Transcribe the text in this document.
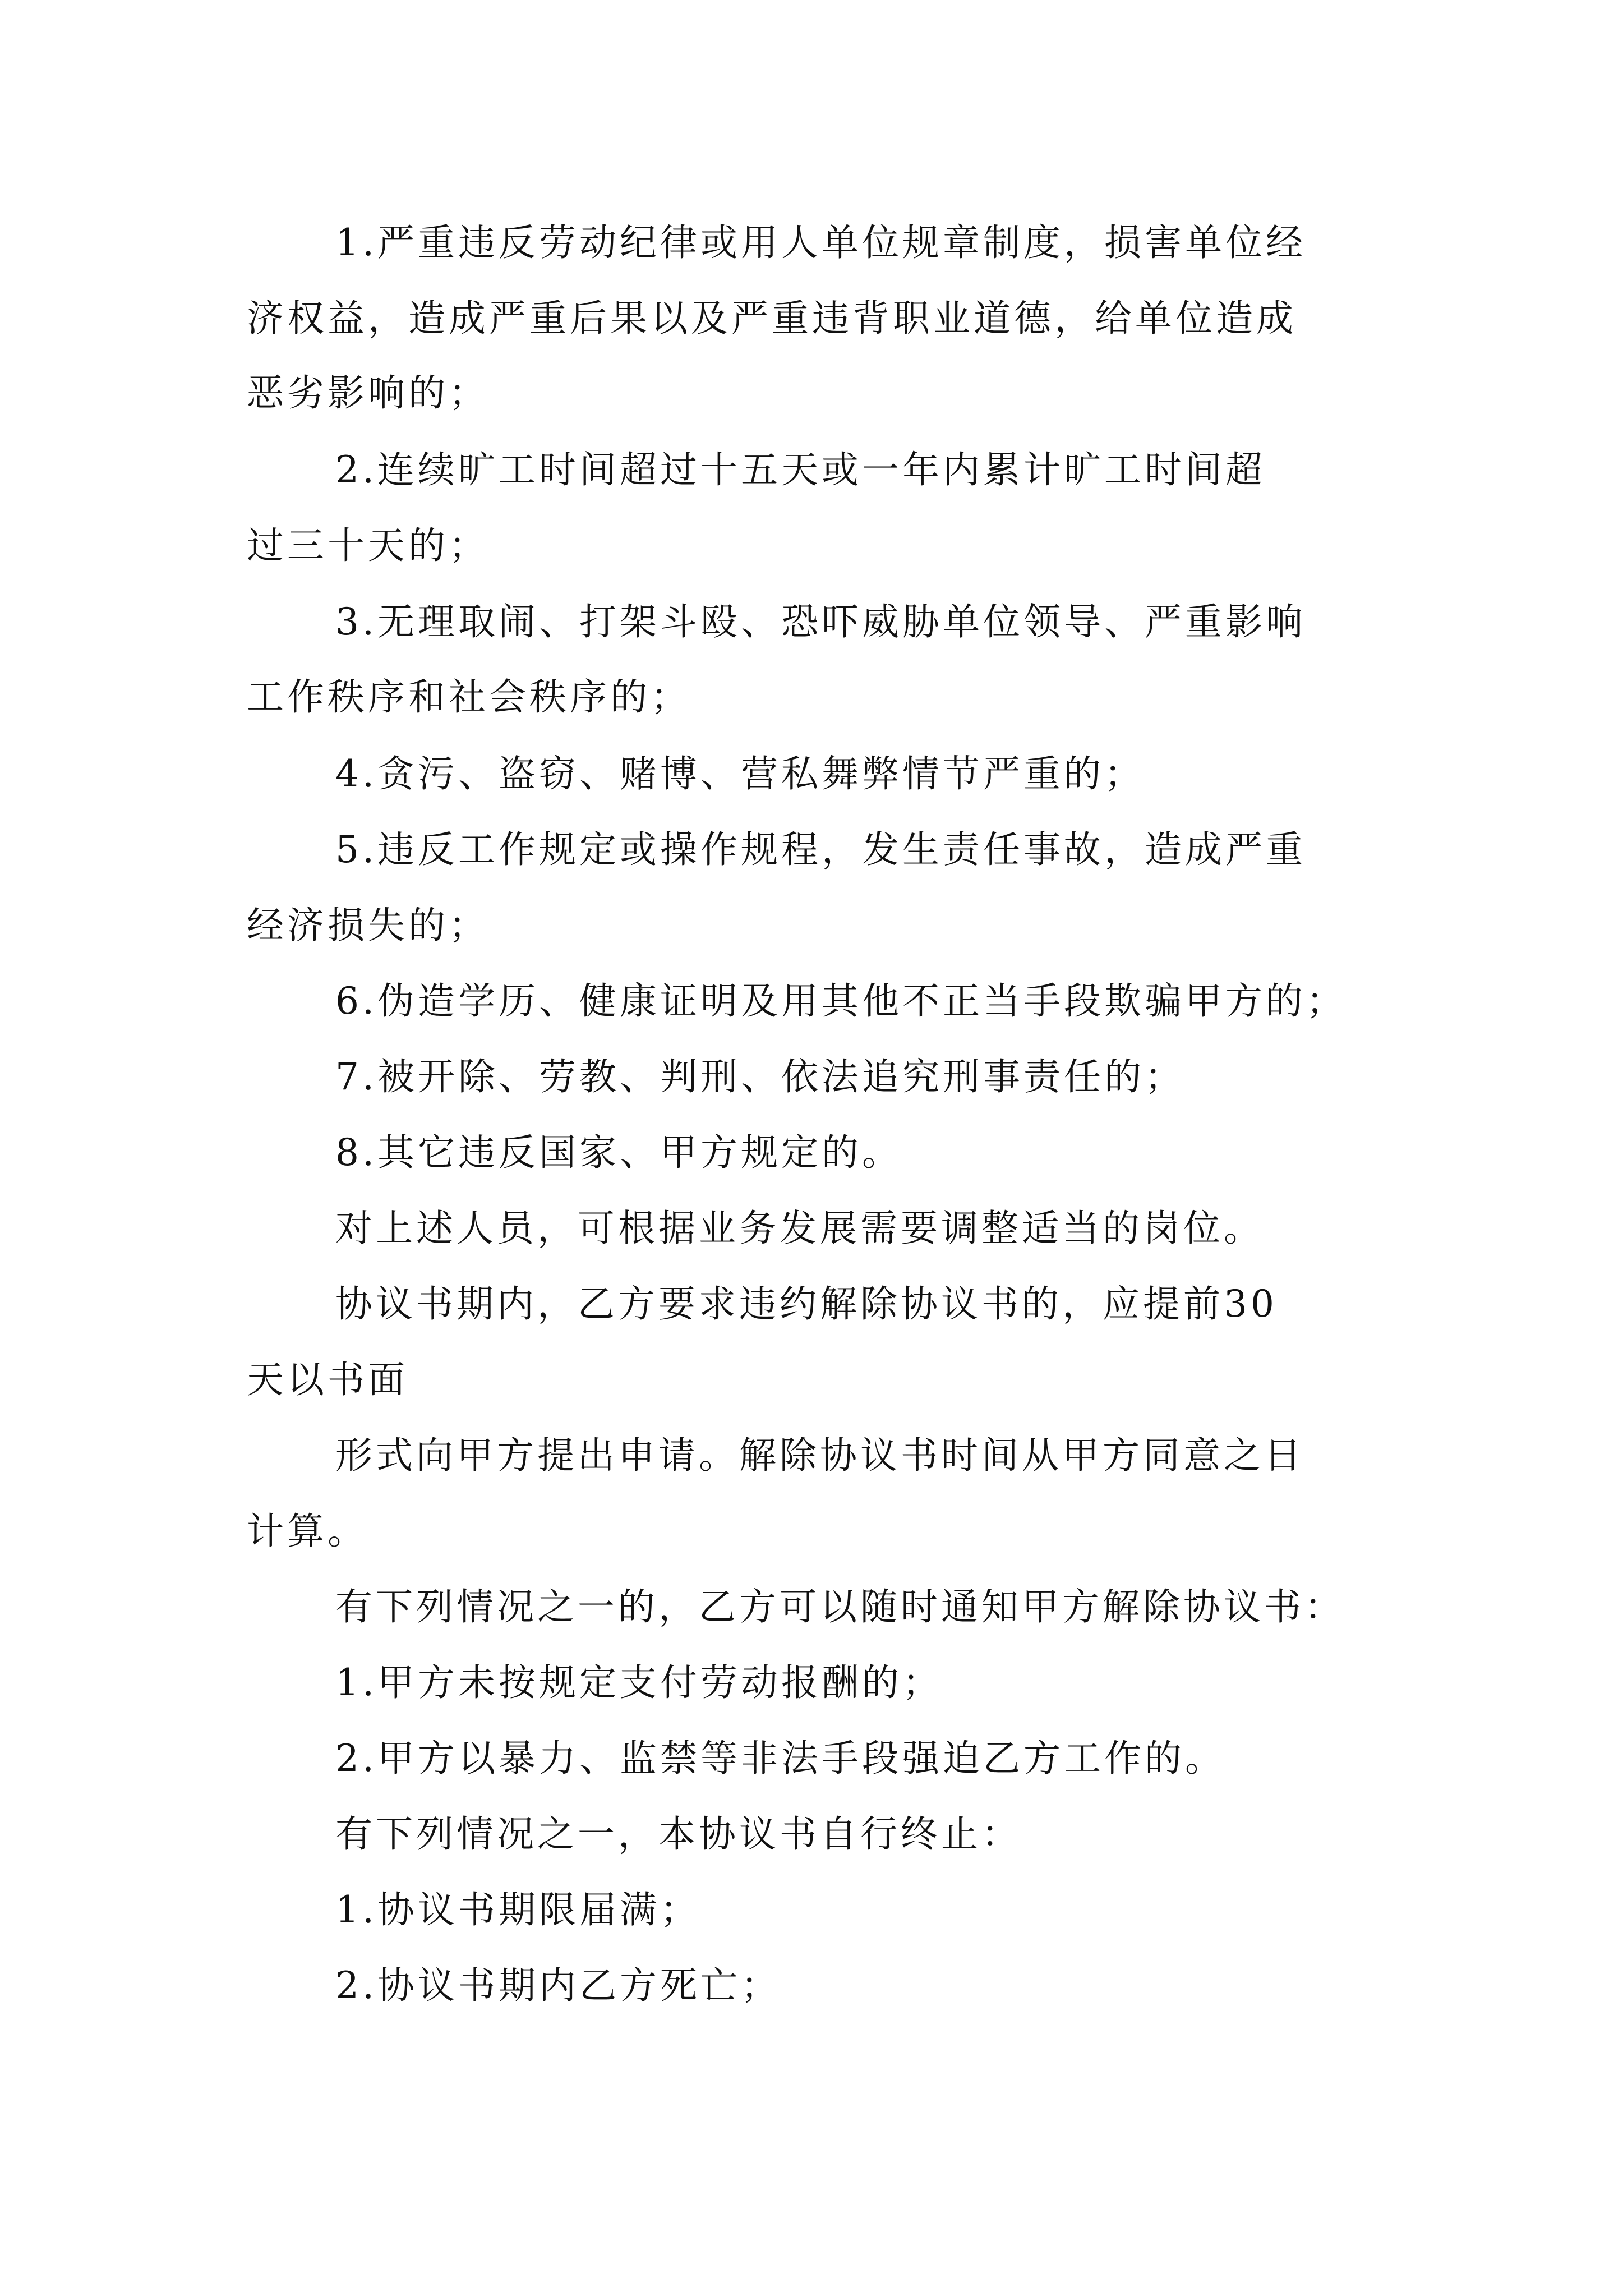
1.严重违反劳动纪律或用人单位规章制度，损害单位经
济权益，造成严重后果以及严重违背职业道德，给单位造成
恶劣影响的；
2.连续旷工时间超过十五天或一年内累计旷工时间超
过三十天的；
3.无理取闹、打架斗殴、恐吓威胁单位领导、严重影响
工作秩序和社会秩序的；
4.贪污、盗窃、赌博、营私舞弊情节严重的；
5.违反工作规定或操作规程，发生责任事故，造成严重
经济损失的；
6.伪造学历、健康证明及用其他不正当手段欺骗甲方的；
7.被开除、劳教、判刑、依法追究刑事责任的；
8.其它违反国家、甲方规定的。
对上述人员，可根据业务发展需要调整适当的岗位。
协议书期内，乙方要求违约解除协议书的，应提前30
天以书面
形式向甲方提出申请。解除协议书时间从甲方同意之日
计算。
有下列情况之一的，乙方可以随时通知甲方解除协议书：
1.甲方未按规定支付劳动报酬的；
2.甲方以暴力、监禁等非法手段强迫乙方工作的。
有下列情况之一，本协议书自行终止：
1.协议书期限届满；
2.协议书期内乙方死亡；
